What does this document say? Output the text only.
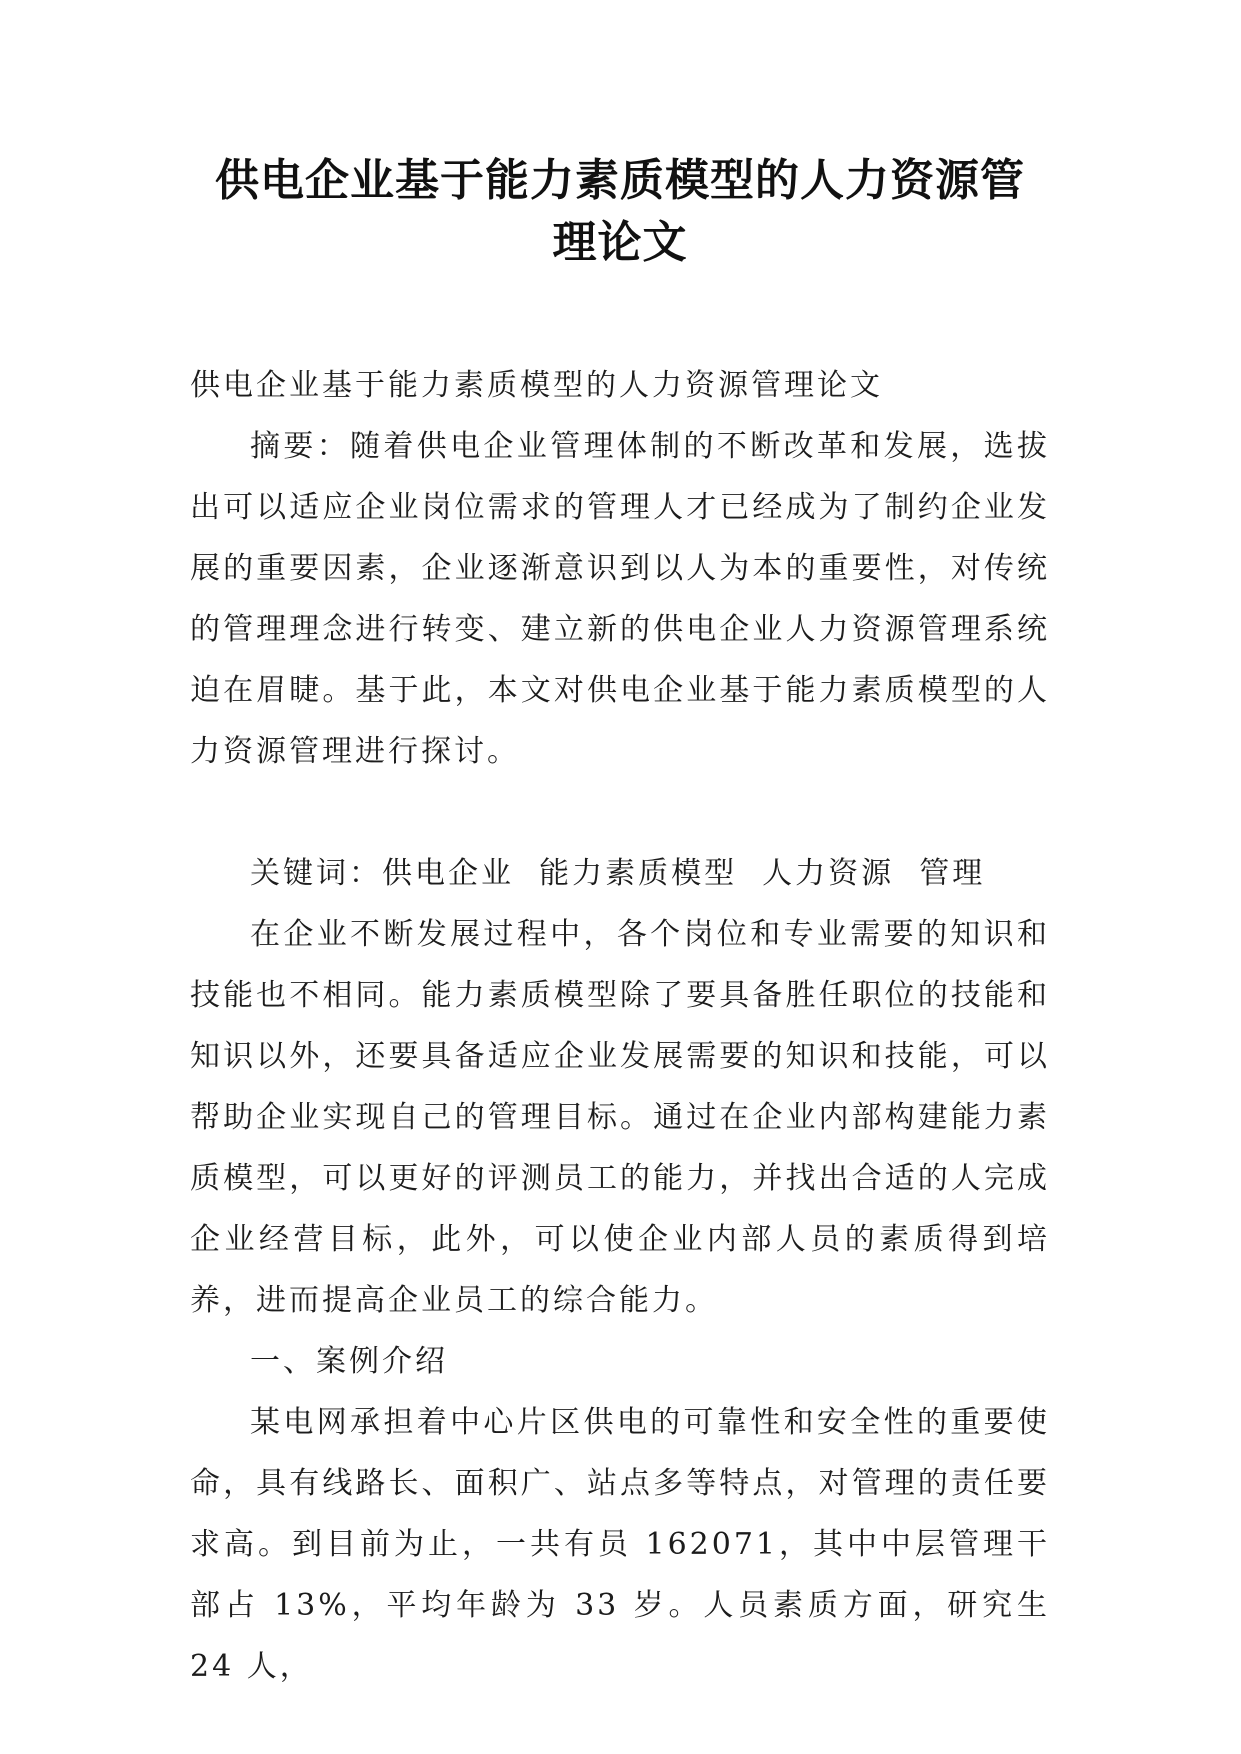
供电企业基于能力素质模型的人力资源管
理论文

供电企业基于能力素质模型的人力资源管理论文

摘要：随着供电企业管理体制的不断改革和发展，选拔出可以适应企业岗位需求的管理人才已经成为了制约企业发展的重要因素，企业逐渐意识到以人为本的重要性，对传统的管理理念进行转变、建立新的供电企业人力资源管理系统迫在眉睫。基于此，本文对供电企业基于能力素质模型的人力资源管理进行探讨。

关键词：供电企业  能力素质模型  人力资源  管理

在企业不断发展过程中，各个岗位和专业需要的知识和技能也不相同。能力素质模型除了要具备胜任职位的技能和知识以外，还要具备适应企业发展需要的知识和技能，可以帮助企业实现自己的管理目标。通过在企业内部构建能力素质模型，可以更好的评测员工的能力，并找出合适的人完成企业经营目标，此外，可以使企业内部人员的素质得到培养，进而提高企业员工的综合能力。

一、案例介绍

某电网承担着中心片区供电的可靠性和安全性的重要使命，具有线路长、面积广、站点多等特点，对管理的责任要求高。到目前为止，一共有员 162071，其中中层管理干部占 13%，平均年龄为 33 岁。人员素质方面，研究生 24 人，
